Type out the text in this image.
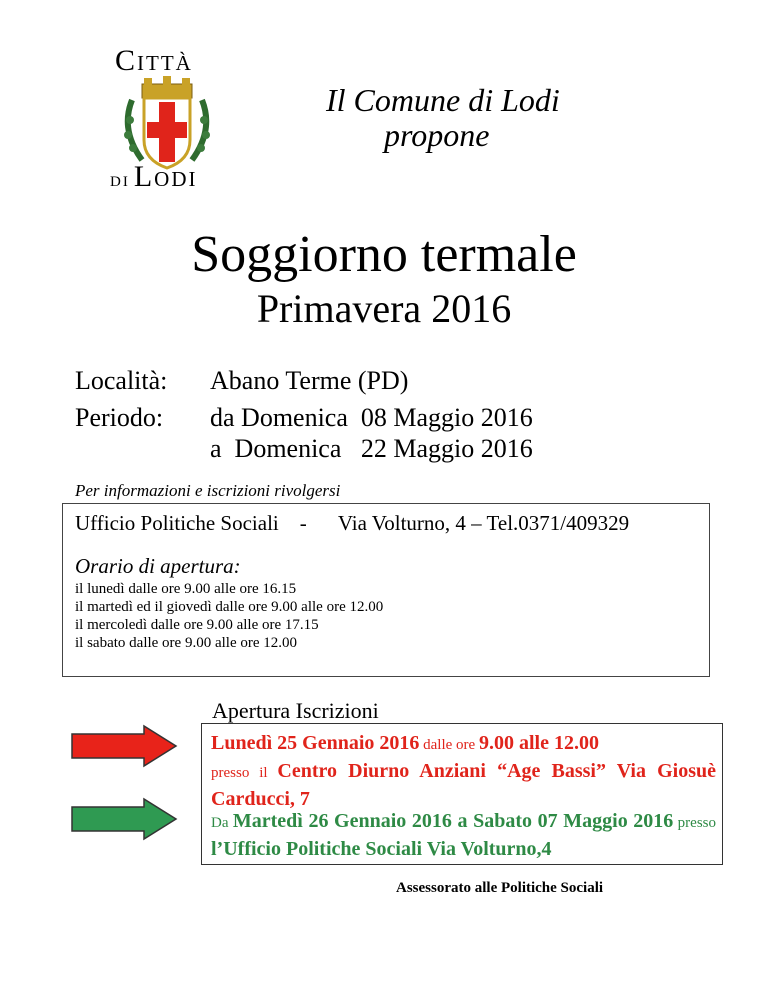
Città
di Lodi
Il Comune di Lodi
propone
Soggiorno termale
Primavera 2016
Località: Abano Terme (PD)
Periodo: da Domenica  08 Maggio 2016
a  Domenica   22 Maggio 2016
Per informazioni e iscrizioni rivolgersi
Ufficio Politiche Sociali    -      Via Volturno, 4 – Tel.0371/409329
Orario di apertura:
il lunedì dalle ore 9.00 alle ore 16.15
il martedì ed il giovedì dalle ore 9.00 alle ore 12.00
il mercoledì dalle ore 9.00 alle ore 17.15
il sabato dalle ore 9.00 alle ore 12.00
Apertura Iscrizioni
Lunedì 25 Gennaio 2016 dalle ore 9.00 alle 12.00
presso il Centro Diurno Anziani “Age Bassi” Via Giosuè Carducci, 7
Da Martedì 26 Gennaio 2016 a Sabato 07 Maggio 2016 presso l’Ufficio Politiche Sociali Via Volturno,4
Assessorato alle Politiche Sociali
